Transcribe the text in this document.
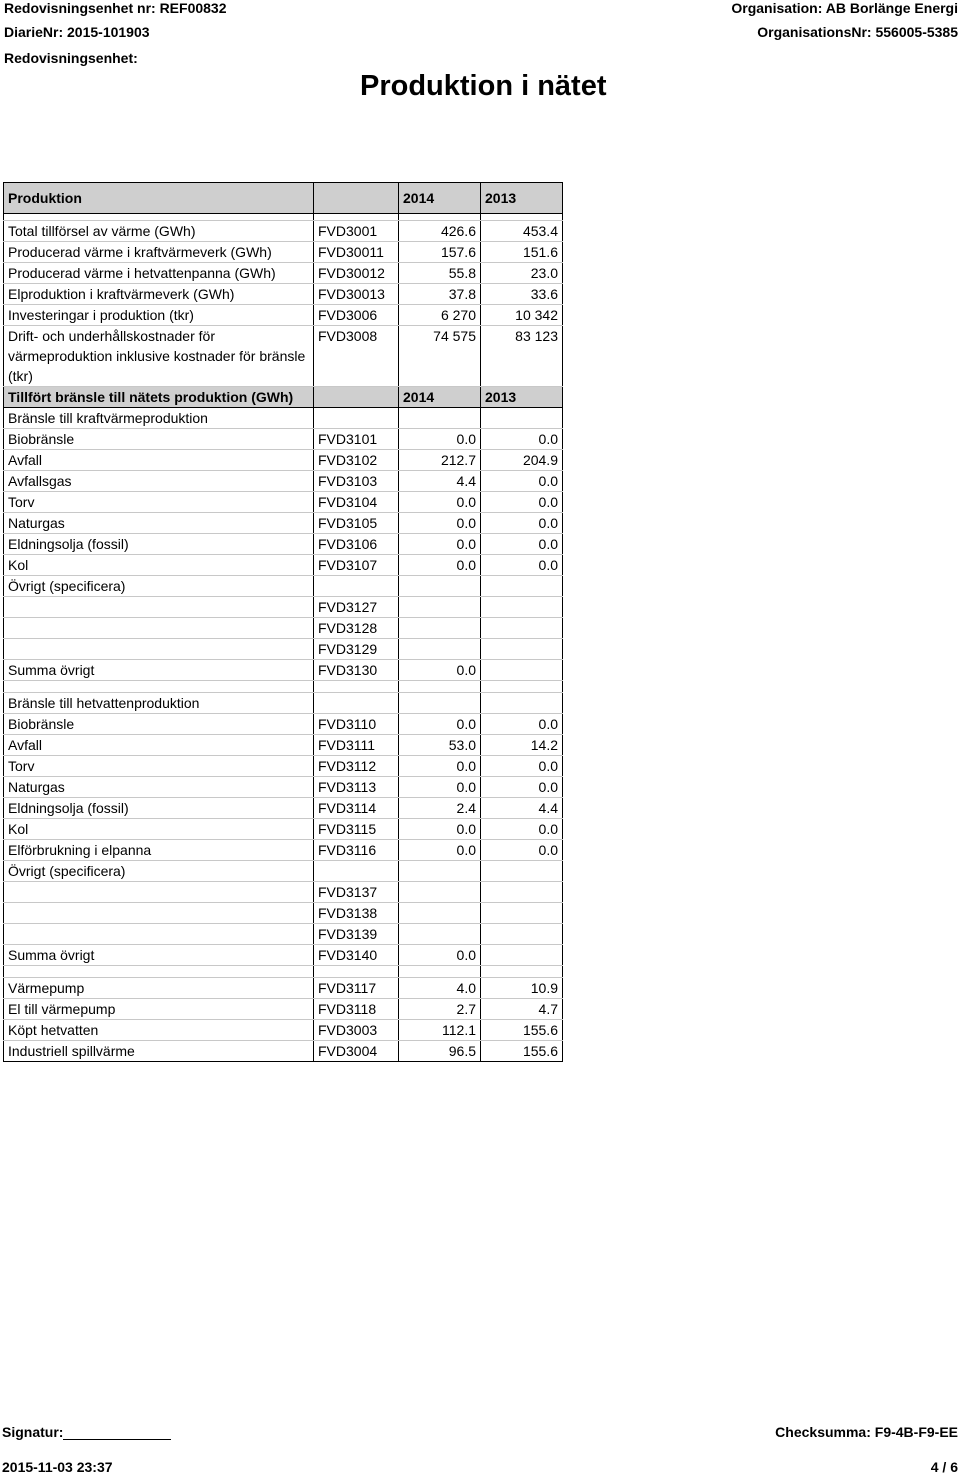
Redovisningsenhet nr: REF00832
DiarieNr: 2015-101903
Redovisningsenhet:
Organisation: AB Borlänge Energi
OrganisationsNr: 556005-5385
Produktion i nätet
Produktion		2014	2013

Total tillförsel av värme (GWh)	FVD3001	426.6	453.4
Producerad värme i kraftvärmeverk (GWh)	FVD30011	157.6	151.6
Producerad värme i hetvattenpanna (GWh)	FVD30012	55.8	23.0
Elproduktion i kraftvärmeverk (GWh)	FVD30013	37.8	33.6
Investeringar i produktion (tkr)	FVD3006	6 270	10 342
Drift- och underhållskostnader för värmeproduktion inklusive kostnader för bränsle (tkr)	FVD3008	74 575	83 123
Tillfört bränsle till nätets produktion (GWh)		2014	2013
Bränsle till kraftvärmeproduktion			
Biobränsle	FVD3101	0.0	0.0
Avfall	FVD3102	212.7	204.9
Avfallsgas	FVD3103	4.4	0.0
Torv	FVD3104	0.0	0.0
Naturgas	FVD3105	0.0	0.0
Eldningsolja (fossil)	FVD3106	0.0	0.0
Kol	FVD3107	0.0	0.0
Övrigt (specificera)			
	FVD3127		
	FVD3128		
	FVD3129		
Summa övrigt	FVD3130	0.0	

Bränsle till hetvattenproduktion			
Biobränsle	FVD3110	0.0	0.0
Avfall	FVD3111	53.0	14.2
Torv	FVD3112	0.0	0.0
Naturgas	FVD3113	0.0	0.0
Eldningsolja (fossil)	FVD3114	2.4	4.4
Kol	FVD3115	0.0	0.0
Elförbrukning i elpanna	FVD3116	0.0	0.0
Övrigt (specificera)			
	FVD3137		
	FVD3138		
	FVD3139		
Summa övrigt	FVD3140	0.0	

Värmepump	FVD3117	4.0	10.9
El till värmepump	FVD3118	2.7	4.7
Köpt hetvatten	FVD3003	112.1	155.6
Industriell spillvärme	FVD3004	96.5	155.6
Signatur:	Checksumma: F9-4B-F9-EE
2015-11-03 23:37	4 / 6
